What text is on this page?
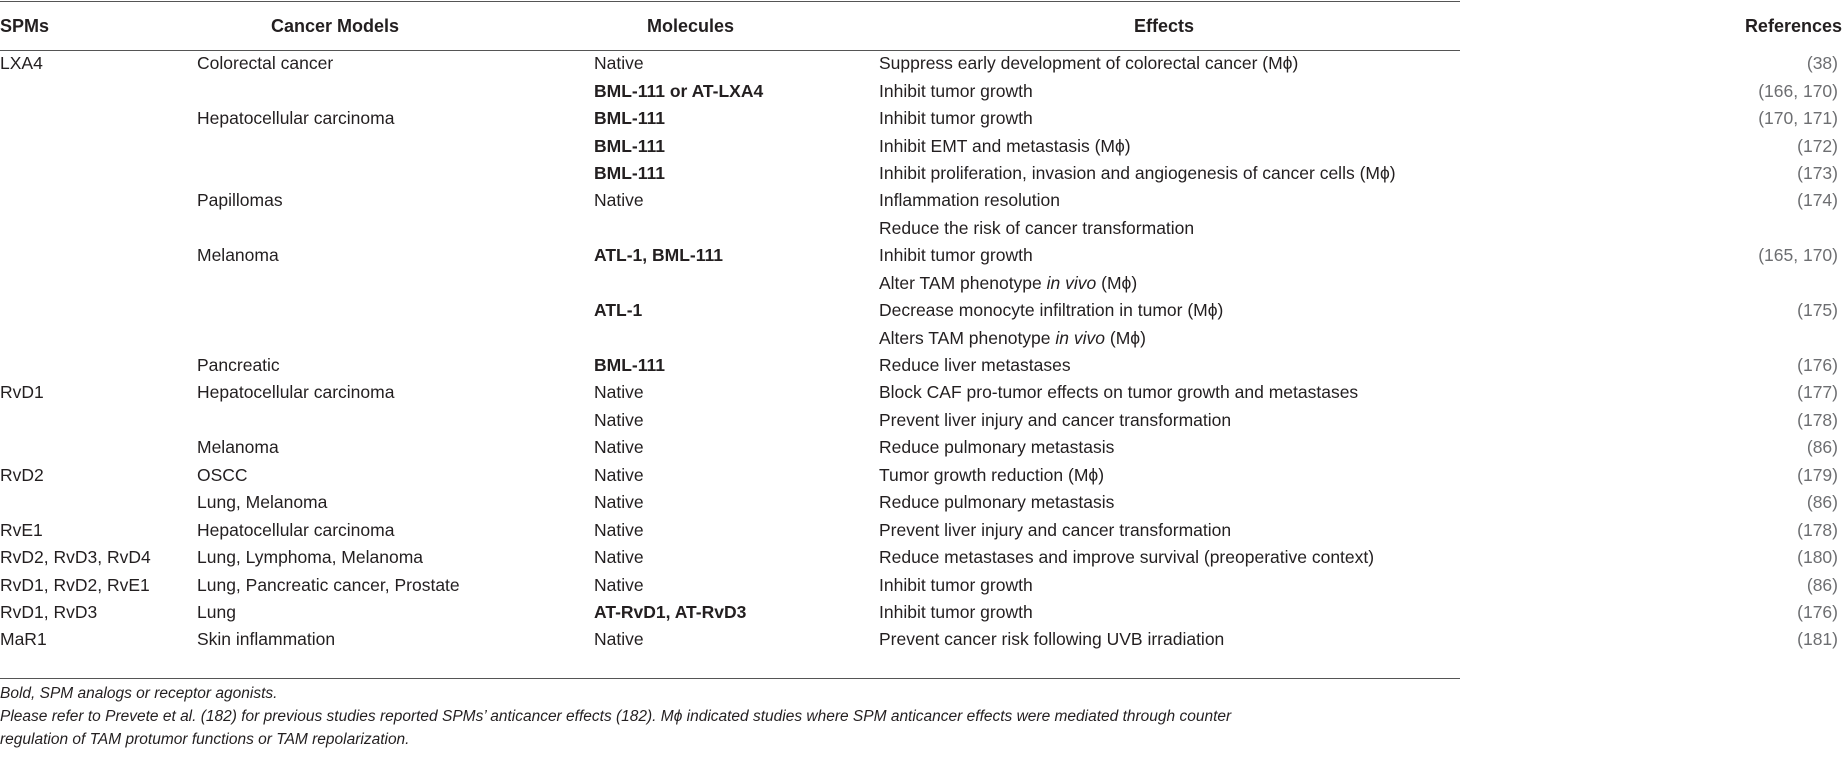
SPMs	Cancer Models	Molecules	Effects	References
LXA4	Colorectal cancer	Native	Suppress early development of colorectal cancer (Mϕ)	(38)
		BML-111 or AT-LXA4	Inhibit tumor growth	(166, 170)
	Hepatocellular carcinoma	BML-111	Inhibit tumor growth	(170, 171)
		BML-111	Inhibit EMT and metastasis (Mϕ)	(172)
		BML-111	Inhibit proliferation, invasion and angiogenesis of cancer cells (Mϕ)	(173)
	Papillomas	Native	Inflammation resolution	(174)
			Reduce the risk of cancer transformation	
	Melanoma	ATL-1, BML-111	Inhibit tumor growth	(165, 170)
			Alter TAM phenotype in vivo (Mϕ)	
		ATL-1	Decrease monocyte infiltration in tumor (Mϕ)	(175)
			Alters TAM phenotype in vivo (Mϕ)	
	Pancreatic	BML-111	Reduce liver metastases	(176)
RvD1	Hepatocellular carcinoma	Native	Block CAF pro-tumor effects on tumor growth and metastases	(177)
		Native	Prevent liver injury and cancer transformation	(178)
	Melanoma	Native	Reduce pulmonary metastasis	(86)
RvD2	OSCC	Native	Tumor growth reduction (Mϕ)	(179)
	Lung, Melanoma	Native	Reduce pulmonary metastasis	(86)
RvE1	Hepatocellular carcinoma	Native	Prevent liver injury and cancer transformation	(178)
RvD2, RvD3, RvD4	Lung, Lymphoma, Melanoma	Native	Reduce metastases and improve survival (preoperative context)	(180)
RvD1, RvD2, RvE1	Lung, Pancreatic cancer, Prostate	Native	Inhibit tumor growth	(86)
RvD1, RvD3	Lung	AT-RvD1, AT-RvD3	Inhibit tumor growth	(176)
MaR1	Skin inflammation	Native	Prevent cancer risk following UVB irradiation	(181)
Bold, SPM analogs or receptor agonists.
Please refer to Prevete et al. (182) for previous studies reported SPMs’ anticancer effects (182). Mϕ indicated studies where SPM anticancer effects were mediated through counter
regulation of TAM protumor functions or TAM repolarization.
